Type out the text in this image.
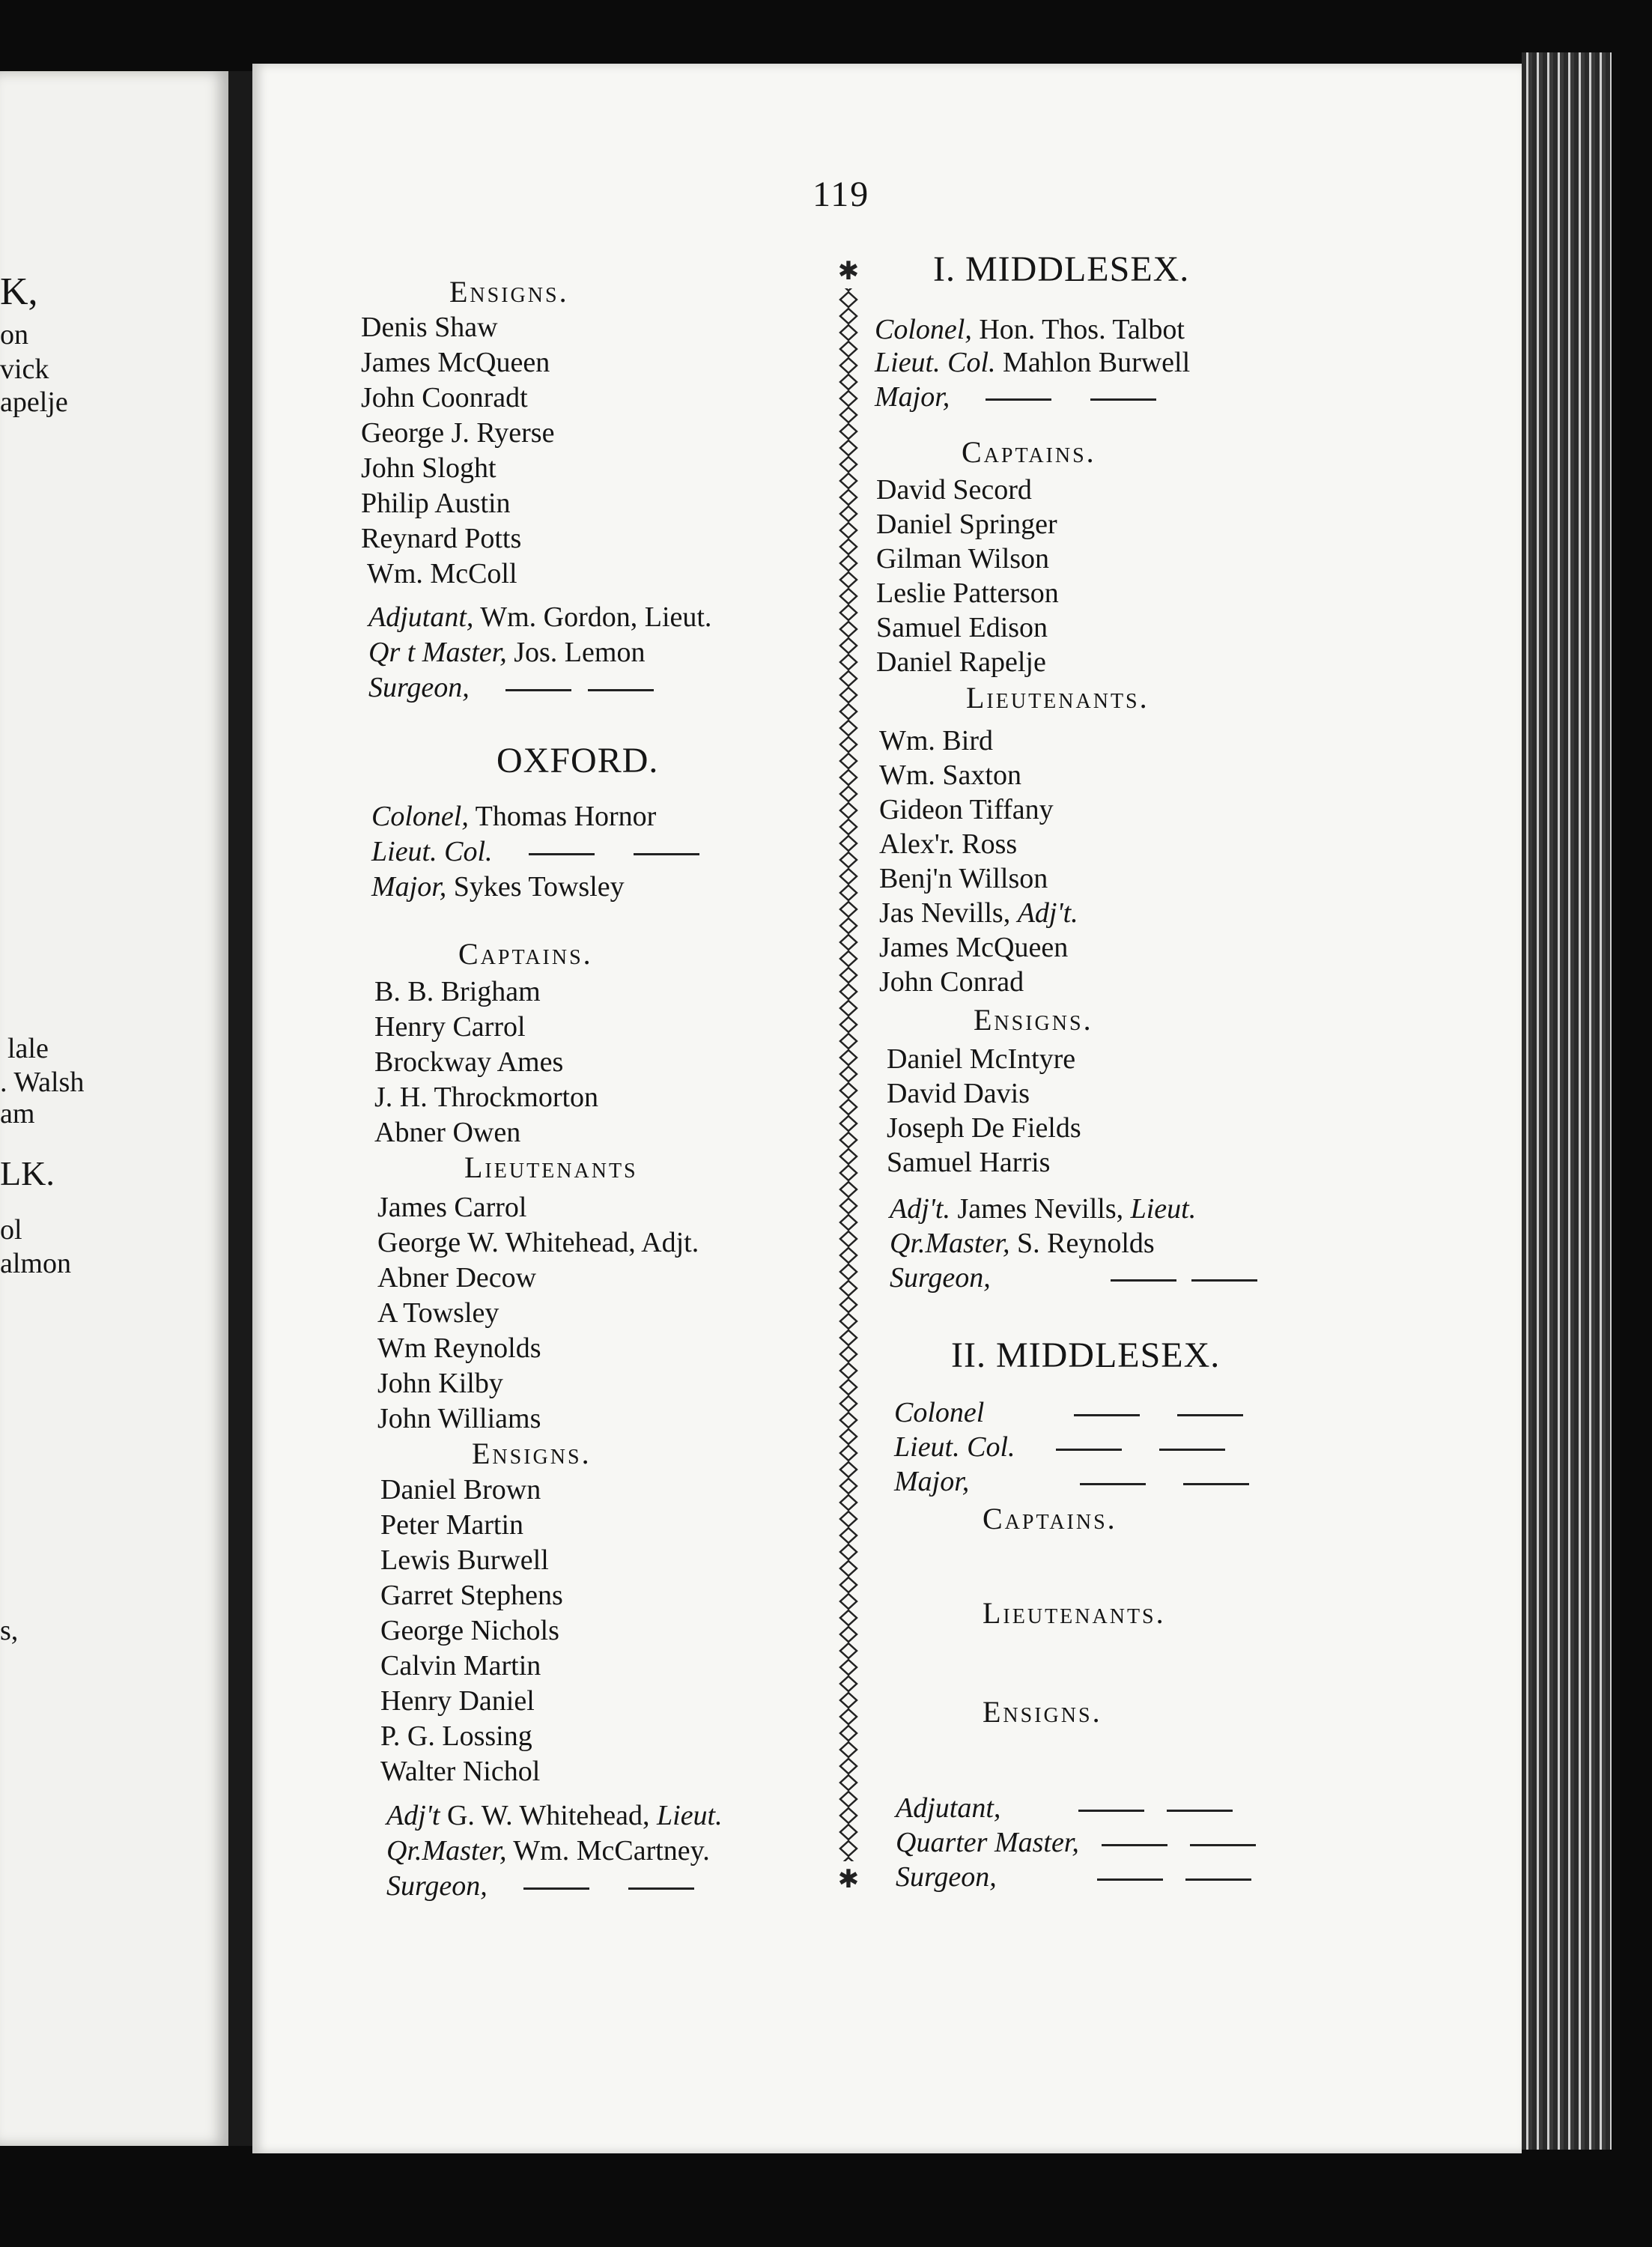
K,
on
vick
apelje
lale
. Walsh
am
LK.
ol
almon
s,
119
✱
✱
Ensigns.
Denis Shaw
James McQueen
John Coonradt
George J. Ryerse
John Sloght
Philip Austin
Reynard Potts
Wm. McColl
Adjutant, Wm. Gordon, Lieut.
Qr t Master, Jos. Lemon
Surgeon,
OXFORD.
Colonel, Thomas Hornor
Lieut. Col.
Major, Sykes Towsley
Captains.
B. B. Brigham
Henry Carrol
Brockway Ames
J. H. Throckmorton
Abner Owen
Lieutenants
James Carrol
George W. Whitehead, Adjt.
Abner Decow
A Towsley
Wm Reynolds
John Kilby
John Williams
Ensigns.
Daniel Brown
Peter Martin
Lewis Burwell
Garret Stephens
George Nichols
Calvin Martin
Henry Daniel
P. G. Lossing
Walter Nichol
Adj't G. W. Whitehead, Lieut.
Qr.Master, Wm. McCartney.
Surgeon,
I. MIDDLESEX.
Colonel, Hon. Thos. Talbot
Lieut. Col. Mahlon Burwell
Major,
Captains.
David Secord
Daniel Springer
Gilman Wilson
Leslie Patterson
Samuel Edison
Daniel Rapelje
Lieutenants.
Wm. Bird
Wm. Saxton
Gideon Tiffany
Alex'r. Ross
Benj'n Willson
Jas Nevills, Adj't.
James McQueen
John Conrad
Ensigns.
Daniel McIntyre
David Davis
Joseph De Fields
Samuel Harris
Adj't. James Nevills, Lieut.
Qr.Master, S. Reynolds
Surgeon,
II. MIDDLESEX.
Colonel
Lieut. Col.
Major,
Captains.
Lieutenants.
Ensigns.
Adjutant,
Quarter Master,
Surgeon,
